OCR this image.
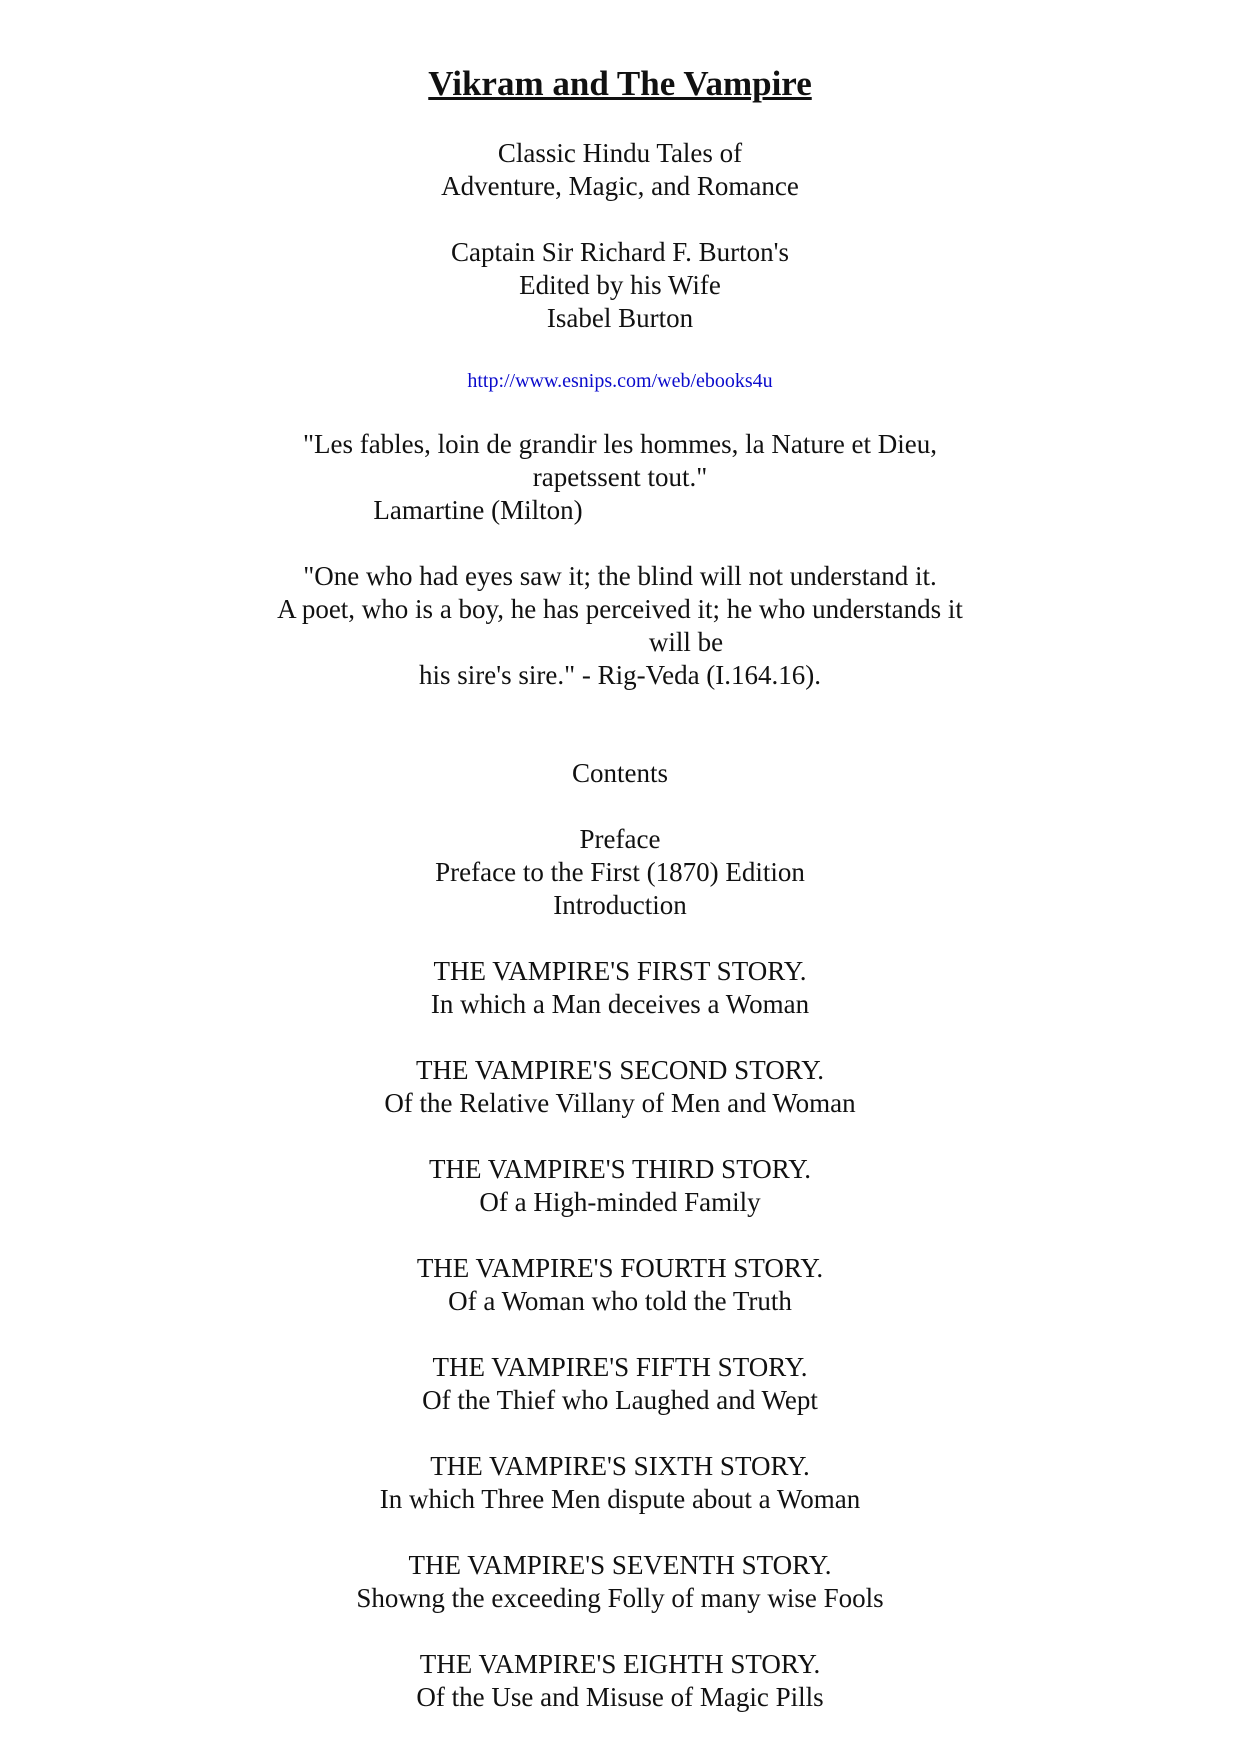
Vikram and The Vampire
Classic Hindu Tales of
Adventure, Magic, and Romance
Captain Sir Richard F. Burton's
Edited by his Wife
Isabel Burton
http://www.esnips.com/web/ebooks4u
"Les fables, loin de grandir les hommes, la Nature et Dieu,
rapetssent tout."
Lamartine (Milton)
"One who had eyes saw it; the blind will not understand it.
A poet, who is a boy, he has perceived it; he who understands it
will be
his sire's sire." - Rig-Veda (I.164.16).
Contents
Preface
Preface to the First (1870) Edition
Introduction
THE VAMPIRE'S FIRST STORY.
In which a Man deceives a Woman
THE VAMPIRE'S SECOND STORY.
Of the Relative Villany of Men and Woman
THE VAMPIRE'S THIRD STORY.
Of a High-minded Family
THE VAMPIRE'S FOURTH STORY.
Of a Woman who told the Truth
THE VAMPIRE'S FIFTH STORY.
Of the Thief who Laughed and Wept
THE VAMPIRE'S SIXTH STORY.
In which Three Men dispute about a Woman
THE VAMPIRE'S SEVENTH STORY.
Showng the exceeding Folly of many wise Fools
THE VAMPIRE'S EIGHTH STORY.
Of the Use and Misuse of Magic Pills
